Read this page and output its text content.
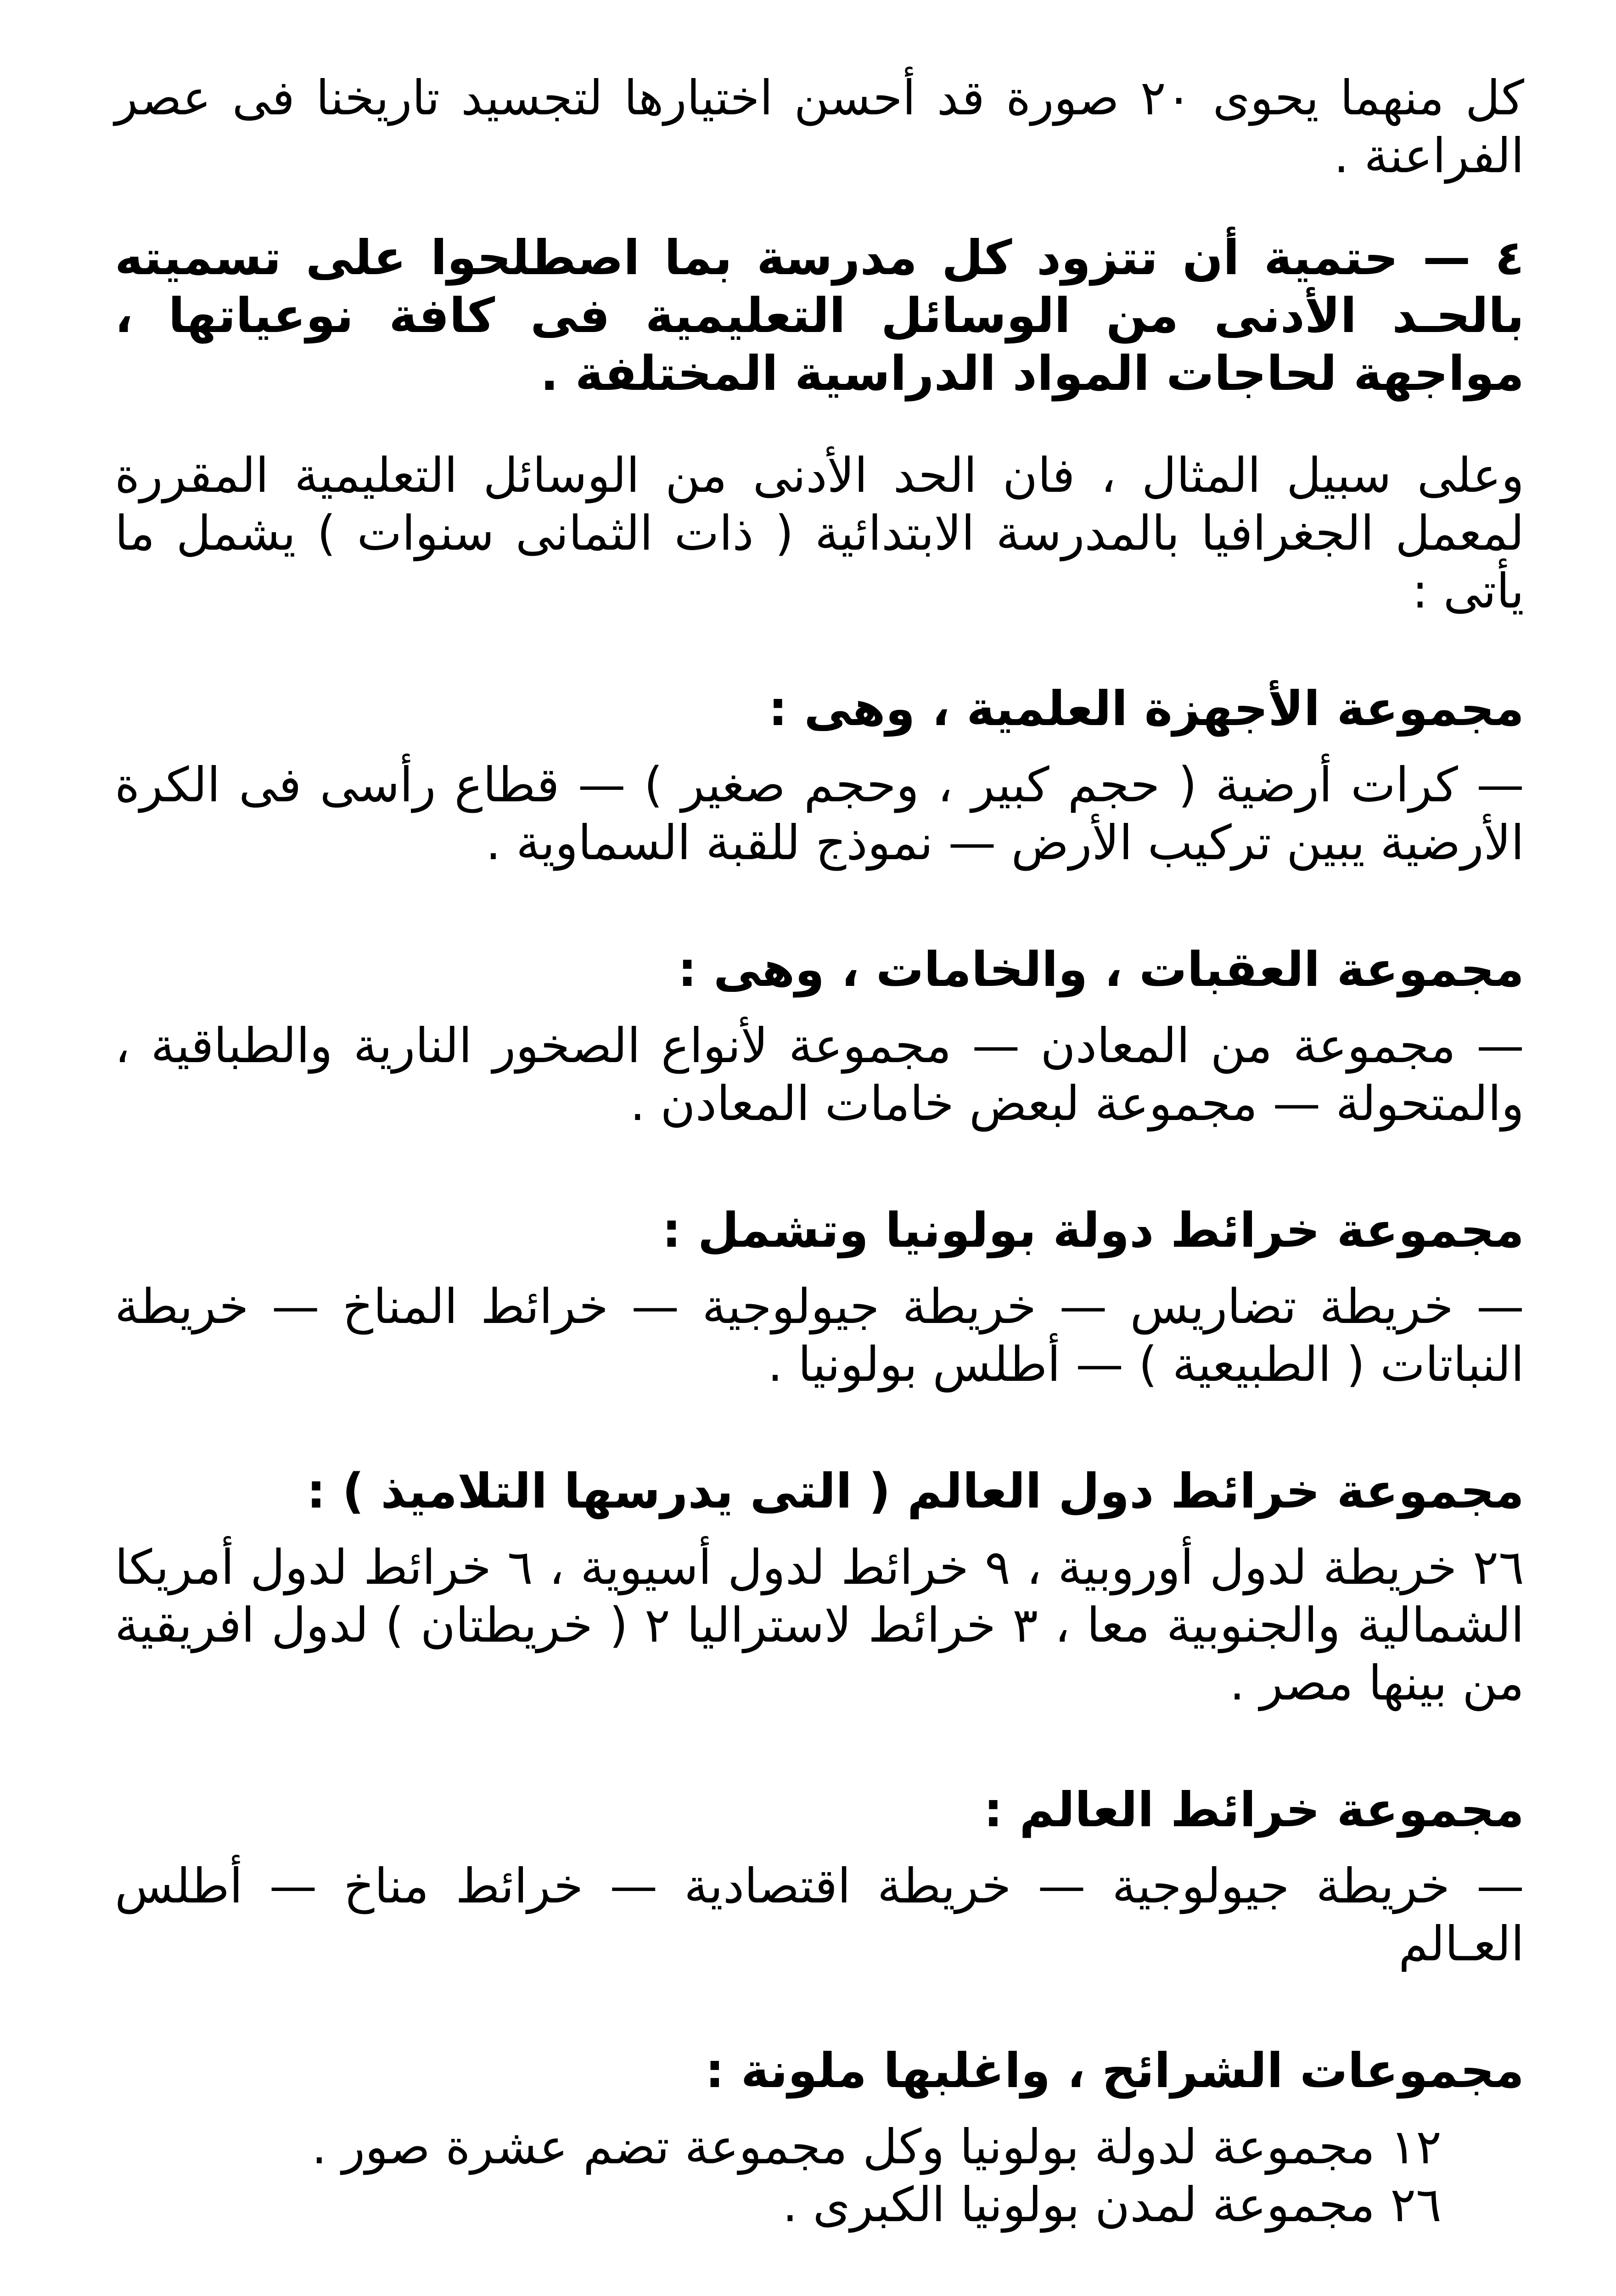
كل منهما يحوى ٢٠ صورة قد أحسن اختيارها لتجسيد تاريخنا فى عصر الفراعنة .

٤ — حتمية أن تتزود كل مدرسة بما اصطلحوا على تسميته بالحـد الأدنى من الوسائل التعليمية فى كافة نوعياتها ، مواجهة لحاجات المواد الدراسية المختلفة .

وعلى سبيل المثال ، فان الحد الأدنى من الوسائل التعليمية المقررة لمعمل الجغرافيا بالمدرسة الابتدائية ( ذات الثمانى سنوات ) يشمل ما يأتى :

مجموعة الأجهزة العلمية ، وهى :

— كرات أرضية ( حجم كبير ، وحجم صغير ) — قطاع رأسى فى الكرة الأرضية يبين تركيب الأرض — نموذج للقبة السماوية .

مجموعة العقبات ، والخامات ، وهى :

— مجموعة من المعادن — مجموعة لأنواع الصخور النارية والطباقية ، والمتحولة — مجموعة لبعض خامات المعادن .

مجموعة خرائط دولة بولونيا وتشمل :

— خريطة تضاريس — خريطة جيولوجية — خرائط المناخ — خريطة النباتات ( الطبيعية ) — أطلس بولونيا .

مجموعة خرائط دول العالم ( التى يدرسها التلاميذ ) :

٢٦ خريطة لدول أوروبية ، ٩ خرائط لدول أسيوية ، ٦ خرائط لدول أمريكا الشمالية والجنوبية معا ، ٣ خرائط لاستراليا ٢ ( خريطتان ) لدول افريقية من بينها مصر .

مجموعة خرائط العالم :

— خريطة جيولوجية — خريطة اقتصادية — خرائط مناخ — أطلس العـالم

مجموعات الشرائح ، واغلبها ملونة :

١٢ مجموعة لدولة بولونيا وكل مجموعة تضم عشرة صور .

٢٦ مجموعة لمدن بولونيا الكبرى .
